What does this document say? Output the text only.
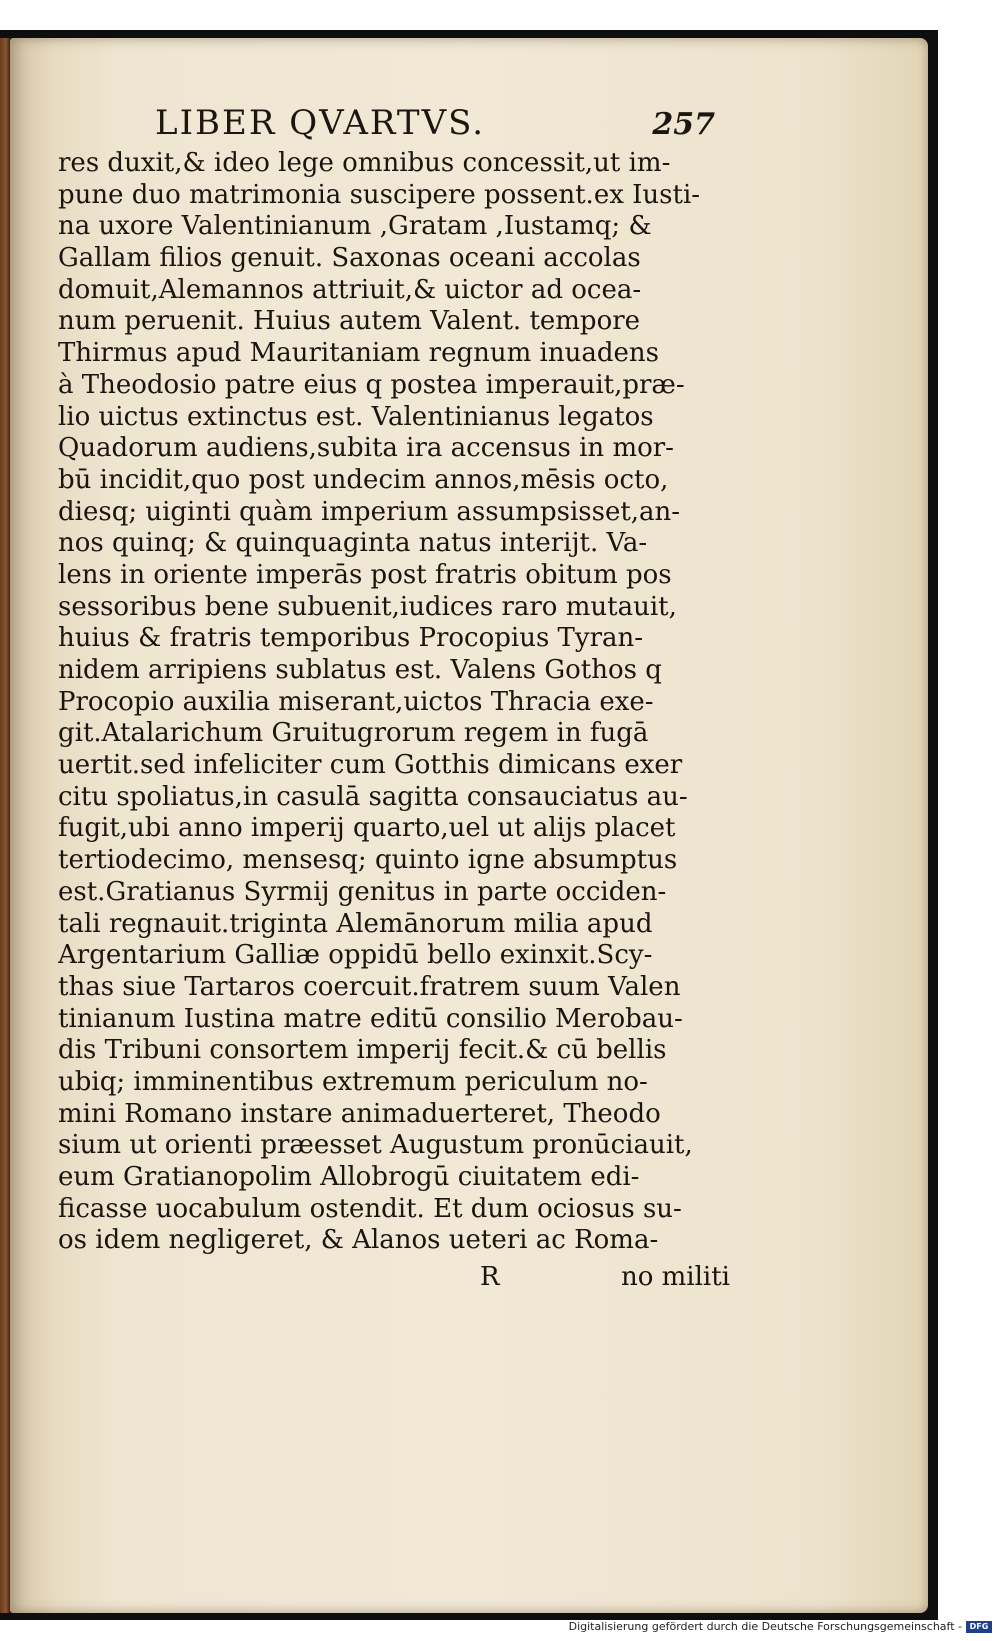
LIBER QVARTVS.	257
res duxit,& ideo lege omnibus concessit,ut im-
pune duo matrimonia suscipere possent.ex Iusti-
na uxore Valentinianum ,Gratam ,Iustamq; &
Gallam filios genuit. Saxonas oceani accolas
domuit,Alemannos attriuit,& uictor ad ocea-
num peruenit. Huius autem Valent. tempore
Thirmus apud Mauritaniam regnum inuadens
à Theodosio patre eius q postea imperauit,præ-
lio uictus extinctus est. Valentinianus legatos
Quadorum audiens,subita ira accensus in mor-
bū incidit,quo post undecim annos,mēsis octo,
diesq; uiginti quàm imperium assumpsisset,an-
nos quinq; & quinquaginta natus interijt. Va-
lens in oriente imperās post fratris obitum pos
sessoribus bene subuenit,iudices raro mutauit,
huius & fratris temporibus Procopius Tyran-
nidem arripiens sublatus est. Valens Gothos q
Procopio auxilia miserant,uictos Thracia exe-
git.Atalarichum Gruitugrorum regem in fugā
uertit.sed infeliciter cum Gotthis dimicans exer
citu spoliatus,in casulā sagitta consauciatus au-
fugit,ubi anno imperij quarto,uel ut alijs placet
tertiodecimo, mensesq; quinto igne absumptus
est.Gratianus Syrmij genitus in parte occiden-
tali regnauit.triginta Alemānorum milia apud
Argentarium Galliæ oppidū bello exinxit.Scy-
thas siue Tartaros coercuit.fratrem suum Valen
tinianum Iustina matre editū consilio Merobau-
dis Tribuni consortem imperij fecit.& cū bellis
ubiq; imminentibus extremum periculum no-
mini Romano instare animaduerteret, Theodo
sium ut orienti præesset Augustum pronūciauit,
eum Gratianopolim Allobrogū ciuitatem edi-
ficasse uocabulum ostendit. Et dum ociosus su-
os idem negligeret, & Alanos ueteri ac Roma-
R	no militi
Digitalisierung gefördert durch die Deutsche Forschungsgemeinschaft - DFG
